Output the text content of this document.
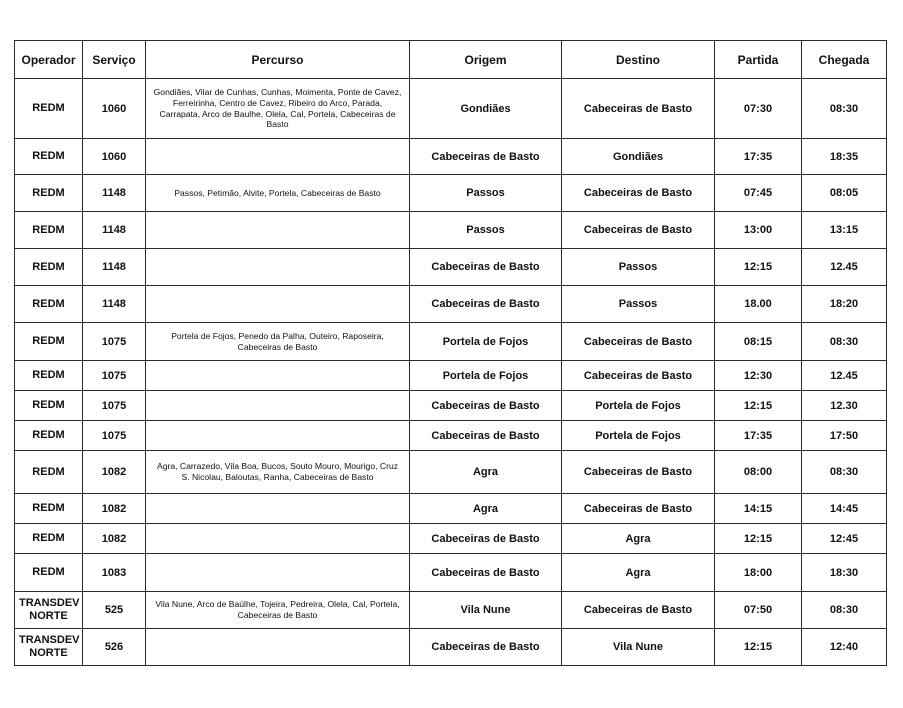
Operador	Serviço	Percurso	Origem	Destino	Partida	Chegada
REDM	1060	Gondiães, Vilar de Cunhas, Cunhas, Moimenta, Ponte de Cavez, Ferreirinha, Centro de Cavez, Ribeiro do Arco, Parada, Carrapata, Arco de Baulhe, Olela, Cal, Portela, Cabeceiras de Basto	Gondiães	Cabeceiras de Basto	07:30	08:30
REDM	1060		Cabeceiras de Basto	Gondiães	17:35	18:35
REDM	1148	Passos, Petimão, Alvite, Portela, Cabeceiras de Basto	Passos	Cabeceiras de Basto	07:45	08:05
REDM	1148		Passos	Cabeceiras de Basto	13:00	13:15
REDM	1148		Cabeceiras de Basto	Passos	12:15	12.45
REDM	1148		Cabeceiras de Basto	Passos	18.00	18:20
REDM	1075	Portela de Fojos, Penedo da Palha, Outeiro, Raposeira, Cabeceiras de Basto	Portela de Fojos	Cabeceiras de Basto	08:15	08:30
REDM	1075		Portela de Fojos	Cabeceiras de Basto	12:30	12.45
REDM	1075		Cabeceiras de Basto	Portela de Fojos	12:15	12.30
REDM	1075		Cabeceiras de Basto	Portela de Fojos	17:35	17:50
REDM	1082	Agra, Carrazedo, Vila Boa, Bucos, Souto Mouro, Mourigo, Cruz S. Nicolau, Baloutas, Ranha, Cabeceiras de Basto	Agra	Cabeceiras de Basto	08:00	08:30
REDM	1082		Agra	Cabeceiras de Basto	14:15	14:45
REDM	1082		Cabeceiras de Basto	Agra	12:15	12:45
REDM	1083		Cabeceiras de Basto	Agra	18:00	18:30
TRANSDEV NORTE	525	Vila Nune, Arco de Baúlhe, Tojeira, Pedreira, Olela, Cal, Portela, Cabeceiras de Basto	Vila Nune	Cabeceiras de Basto	07:50	08:30
TRANSDEV NORTE	526		Cabeceiras de Basto	Vila Nune	12:15	12:40
